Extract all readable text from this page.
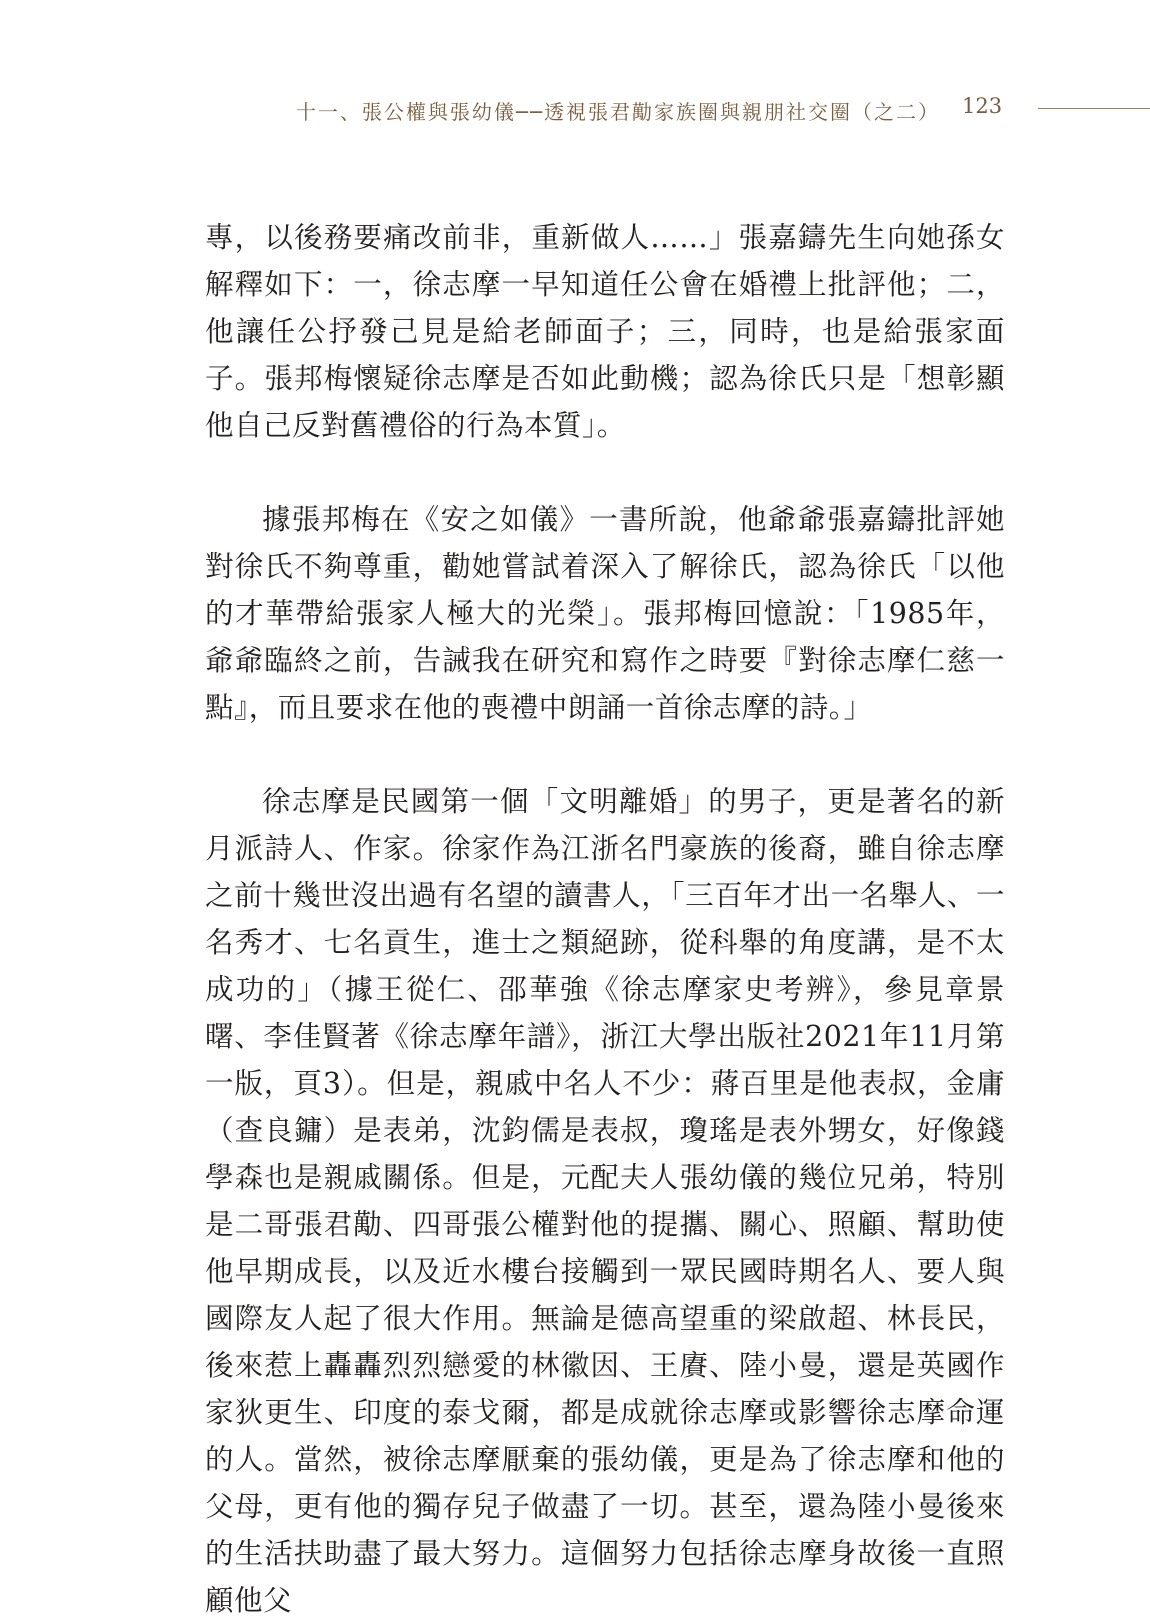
十一、張公權與張幼儀──透視張君勱家族圈與親朋社交圈（之二） 123

專，以後務要痛改前非，重新做人……」張嘉鑄先生向她孫女解釋如下：一，徐志摩一早知道任公會在婚禮上批評他；二，他讓任公抒發己見是給老師面子；三，同時，也是給張家面子。張邦梅懷疑徐志摩是否如此動機；認為徐氏只是「想彰顯他自己反對舊禮俗的行為本質」。

據張邦梅在《安之如儀》一書所說，他爺爺張嘉鑄批評她對徐氏不夠尊重，勸她嘗試着深入了解徐氏，認為徐氏「以他的才華帶給張家人極大的光榮」。張邦梅回憶說：「1985年，爺爺臨終之前，告誡我在研究和寫作之時要『對徐志摩仁慈一點』，而且要求在他的喪禮中朗誦一首徐志摩的詩。」

徐志摩是民國第一個「文明離婚」的男子，更是著名的新月派詩人、作家。徐家作為江浙名門豪族的後裔，雖自徐志摩之前十幾世沒出過有名望的讀書人，「三百年才出一名舉人、一名秀才、七名貢生，進士之類絕跡，從科舉的角度講，是不太成功的」（據王從仁、邵華強《徐志摩家史考辨》，參見章景曙、李佳賢著《徐志摩年譜》，浙江大學出版社2021年11月第一版，頁3）。但是，親戚中名人不少：蔣百里是他表叔，金庸（查良鏞）是表弟，沈鈞儒是表叔，瓊瑤是表外甥女，好像錢學森也是親戚關係。但是，元配夫人張幼儀的幾位兄弟，特別是二哥張君勱、四哥張公權對他的提攜、關心、照顧、幫助使他早期成長，以及近水樓台接觸到一眾民國時期名人、要人與國際友人起了很大作用。無論是德高望重的梁啟超、林長民，後來惹上轟轟烈烈戀愛的林徽因、王賡、陸小曼，還是英國作家狄更生、印度的泰戈爾，都是成就徐志摩或影響徐志摩命運的人。當然，被徐志摩厭棄的張幼儀，更是為了徐志摩和他的父母，更有他的獨存兒子做盡了一切。甚至，還為陸小曼後來的生活扶助盡了最大努力。這個努力包括徐志摩身故後一直照顧他父
